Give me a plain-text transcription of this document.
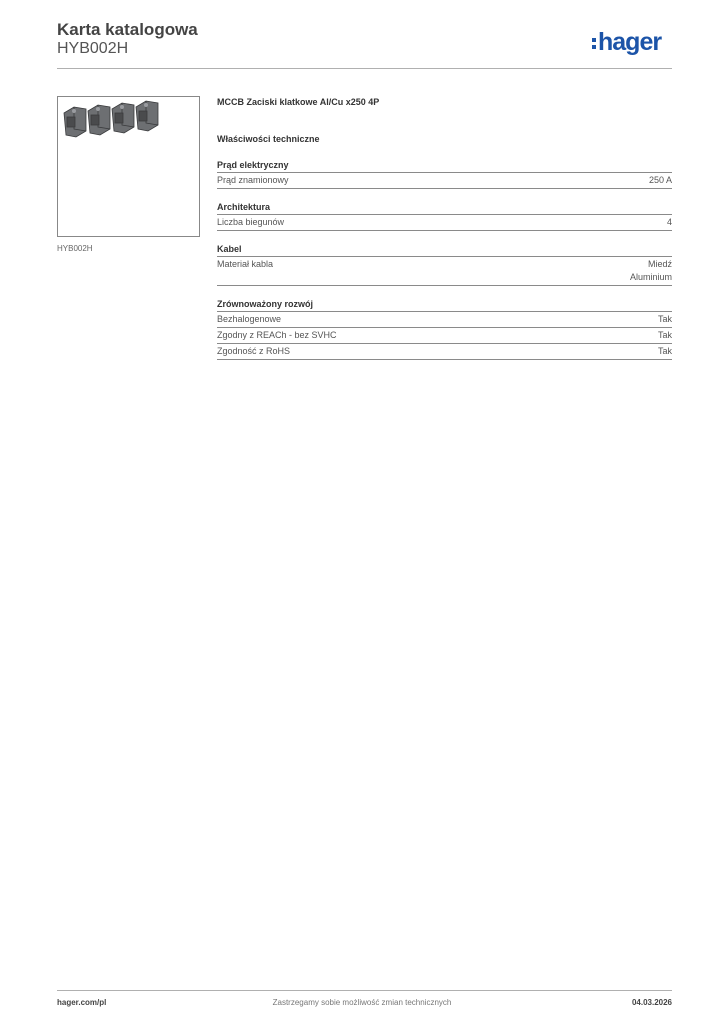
Karta katalogowa
HYB002H	hager
HYB002H
MCCB Zaciski klatkowe Al/Cu x250 4P
Właściwości techniczne
Prąd elektryczny
Prąd znamionowy	250 A
Architektura
Liczba biegunów	4
Kabel
Materiał kabla	Miedź
Aluminium
Zrównoważony rozwój
Bezhalogenowe	Tak
Zgodny z REACh - bez SVHC	Tak
Zgodność z RoHS	Tak
hager.com/pl	Zastrzegamy sobie możliwość zmian technicznych	04.03.2026
